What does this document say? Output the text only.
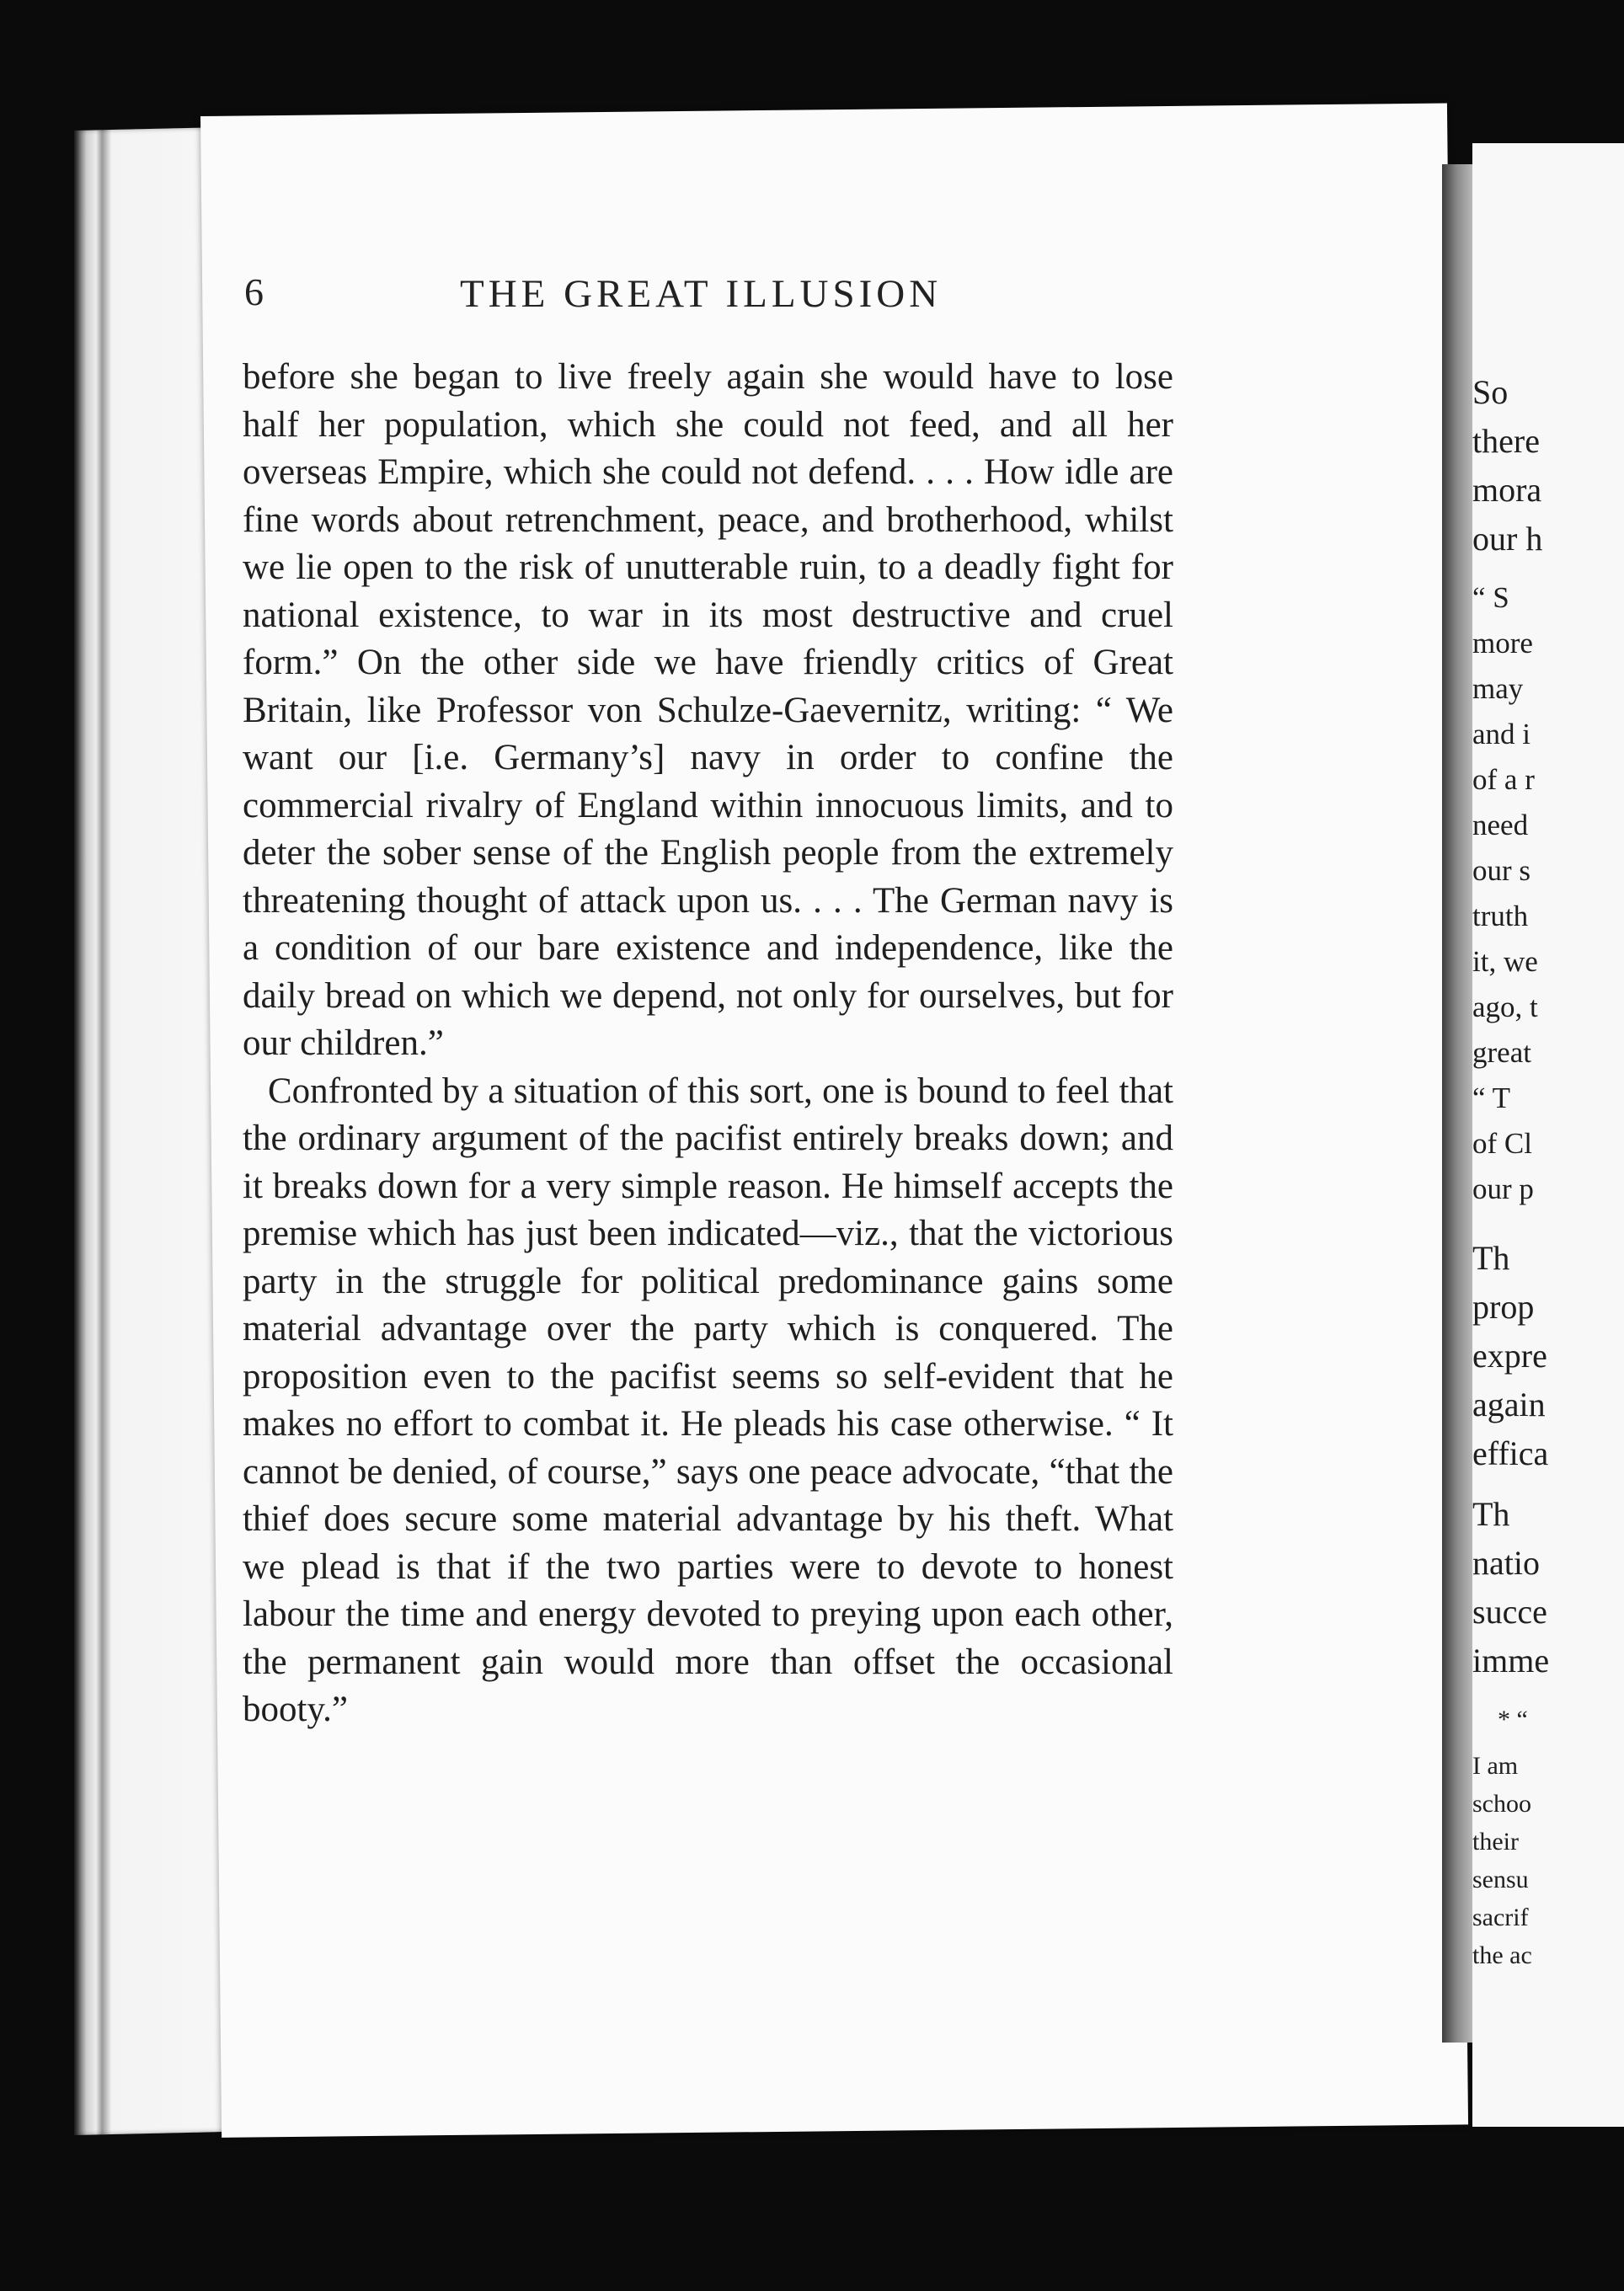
6	THE GREAT ILLUSION

before she began to live freely again she would have to lose half her population, which she could not feed, and all her overseas Empire, which she could not defend. . . . How idle are fine words about retrenchment, peace, and brotherhood, whilst we lie open to the risk of unutterable ruin, to a deadly fight for national existence, to war in its most destructive and cruel form.” On the other side we have friendly critics of Great Britain, like Professor von Schulze-Gaevernitz, writing: “ We want our [i.e. Germany’s] navy in order to confine the commercial rivalry of England within innocuous limits, and to deter the sober sense of the English people from the extremely threatening thought of attack upon us. . . . The German navy is a condition of our bare existence and independence, like the daily bread on which we depend, not only for ourselves, but for our children.”

Confronted by a situation of this sort, one is bound to feel that the ordinary argument of the pacifist entirely breaks down; and it breaks down for a very simple reason. He himself accepts the premise which has just been indicated—viz., that the victorious party in the struggle for political predominance gains some material advantage over the party which is conquered. The proposition even to the pacifist seems so self-evident that he makes no effort to combat it. He pleads his case otherwise. “ It cannot be denied, of course,” says one peace advocate, “that the thief does secure some material advantage by his theft. What we plead is that if the two parties were to devote to honest labour the time and energy devoted to preying upon each other, the permanent gain would more than offset the occasional booty.”

So
there
mora
our h
“ S
more
may
and i
of a r
need
our s
truth
it, we
ago, t
great
“ T
of Cl
our p
Th
prop
expre
again
effica
Th
natio
succe
imme
* “
I am
schoo
their
sensu
sacrif
the ac
